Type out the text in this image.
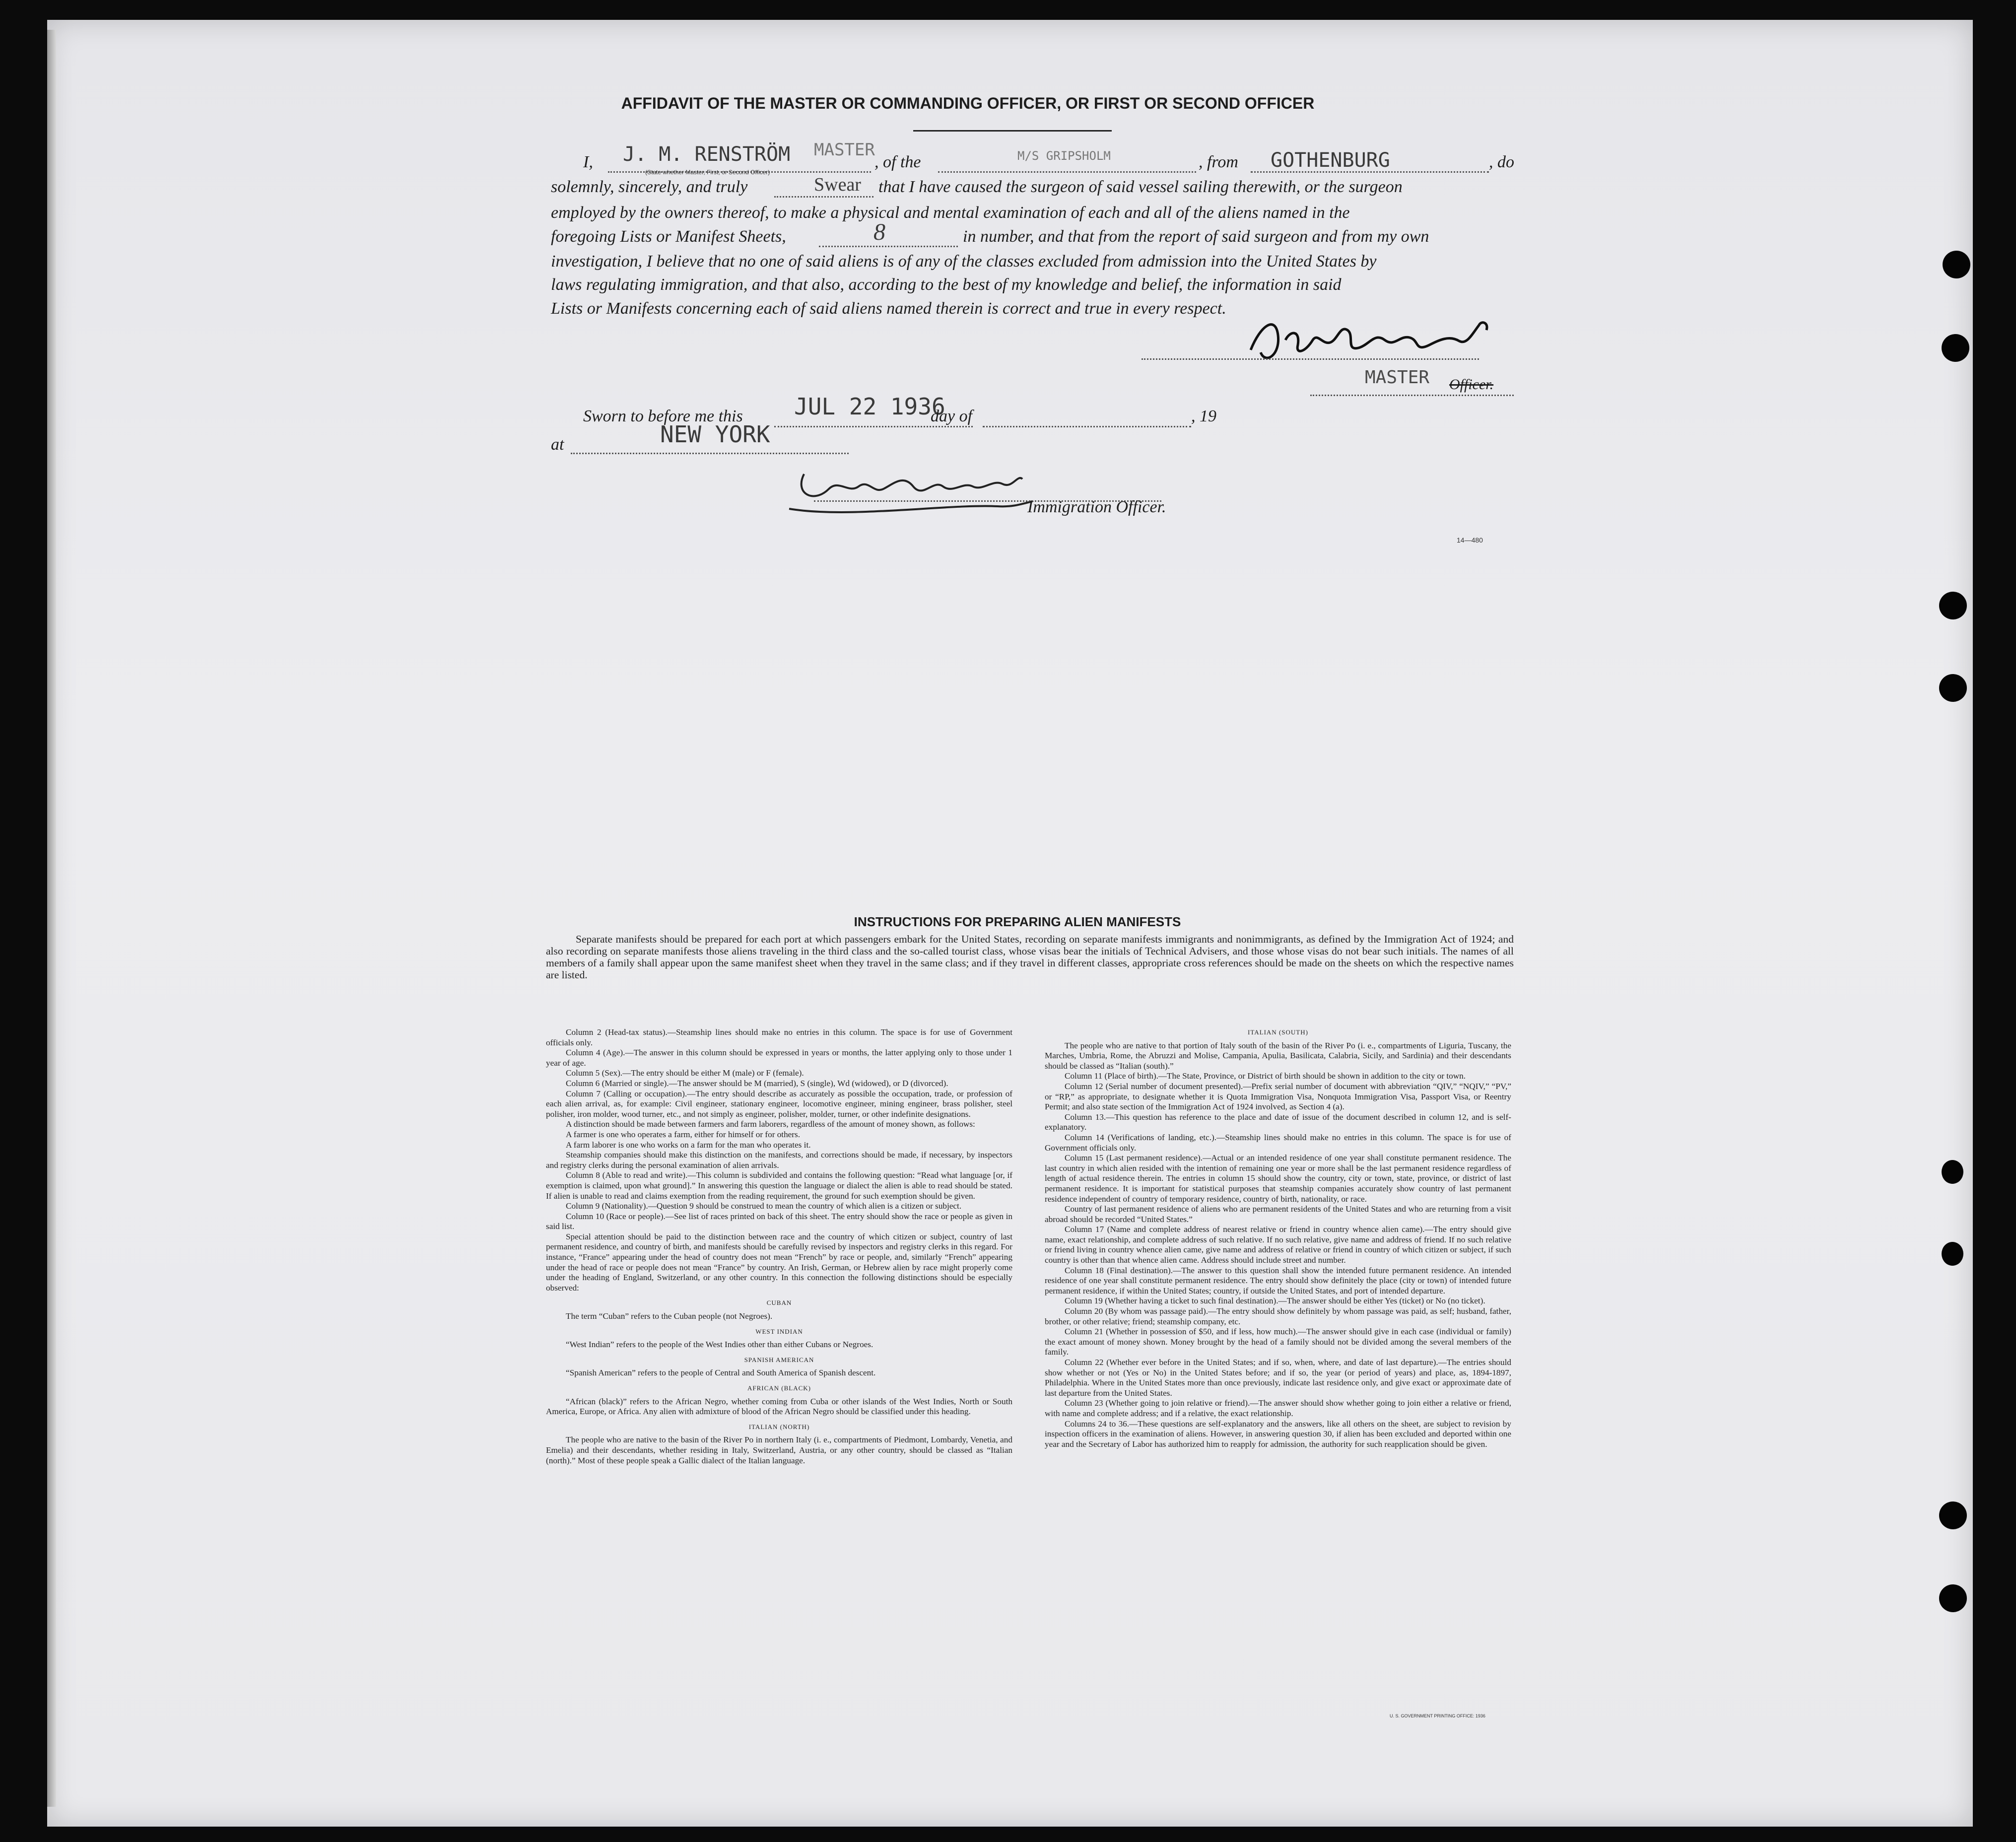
AFFIDAVIT OF THE MASTER OR COMMANDING OFFICER, OR FIRST OR SECOND OFFICER
I, J. M. RENSTRÖM MASTER
(State whether Master, First, or Second Officer)
, of the	M/S GRIPSHOLM	, from GOTHENBURG	, do
solemnly, sincerely, and truly	Swear that I have caused the surgeon of said vessel sailing therewith, or the surgeon
employed by the owners thereof, to make a physical and mental examination of each and all of the aliens named in the
foregoing Lists or Manifest Sheets,	8	in number, and that from the report of said surgeon and from my own
investigation, I believe that no one of said aliens is of any of the classes excluded from admission into the United States by
laws regulating immigration, and that also, according to the best of my knowledge and belief, the information in said
Lists or Manifests concerning each of said aliens named therein is correct and true in every respect.
MASTER Officer.
Sworn to before me this JUL 22 1936
day of	, 19
at	NEW YORK
Immigration Officer.
14—480
INSTRUCTIONS FOR PREPARING ALIEN MANIFESTS

Separate manifests should be prepared for each port at which passengers embark for the United States, recording on separate manifests immigrants and nonimmigrants, as defined by the Immigration Act of 1924; and also recording on separate manifests those aliens traveling in the third class and the so-called tourist class, whose visas bear the initials of Technical Advisers, and those whose visas do not bear such initials. The names of all members of a family shall appear upon the same manifest sheet when they travel in the same class; and if they travel in different classes, appropriate cross references should be made on the sheets on which the respective names are listed.

Column 2 (Head-tax status).—Steamship lines should make no entries in this column. The space is for use of Government officials only.

Column 4 (Age).—The answer in this column should be expressed in years or months, the latter applying only to those under 1 year of age.

Column 5 (Sex).—The entry should be either M (male) or F (female).

Column 6 (Married or single).—The answer should be M (married), S (single), Wd (widowed), or D (divorced).

Column 7 (Calling or occupation).—The entry should describe as accurately as possible the occupation, trade, or profession of each alien arrival, as, for example: Civil engineer, stationary engineer, locomotive engineer, mining engineer, brass polisher, steel polisher, iron molder, wood turner, etc., and not simply as engineer, polisher, molder, turner, or other indefinite designations.

A distinction should be made between farmers and farm laborers, regardless of the amount of money shown, as follows:

A farmer is one who operates a farm, either for himself or for others.

A farm laborer is one who works on a farm for the man who operates it.

Steamship companies should make this distinction on the manifests, and corrections should be made, if necessary, by inspectors and registry clerks during the personal examination of alien arrivals.

Column 8 (Able to read and write).—This column is subdivided and contains the following question: “Read what language [or, if exemption is claimed, upon what ground].” In answering this question the language or dialect the alien is able to read should be stated. If alien is unable to read and claims exemption from the reading requirement, the ground for such exemption should be given.

Column 9 (Nationality).—Question 9 should be construed to mean the country of which alien is a citizen or subject.

Column 10 (Race or people).—See list of races printed on back of this sheet. The entry should show the race or people as given in said list.

Special attention should be paid to the distinction between race and the country of which citizen or subject, country of last permanent residence, and country of birth, and manifests should be carefully revised by inspectors and registry clerks in this regard. For instance, “France” appearing under the head of country does not mean “French” by race or people, and, similarly “French” appearing under the head of race or people does not mean “France” by country. An Irish, German, or Hebrew alien by race might properly come under the heading of England, Switzerland, or any other country. In this connection the following distinctions should be especially observed:

CUBAN

The term “Cuban” refers to the Cuban people (not Negroes).

WEST INDIAN

“West Indian” refers to the people of the West Indies other than either Cubans or Negroes.

SPANISH AMERICAN

“Spanish American” refers to the people of Central and South America of Spanish descent.

AFRICAN (BLACK)

“African (black)” refers to the African Negro, whether coming from Cuba or other islands of the West Indies, North or South America, Europe, or Africa. Any alien with admixture of blood of the African Negro should be classified under this heading.

ITALIAN (NORTH)

The people who are native to the basin of the River Po in northern Italy (i. e., compartments of Piedmont, Lombardy, Venetia, and Emelia) and their descendants, whether residing in Italy, Switzerland, Austria, or any other country, should be classed as “Italian (north).” Most of these people speak a Gallic dialect of the Italian language.

ITALIAN (SOUTH)

The people who are native to that portion of Italy south of the basin of the River Po (i. e., compartments of Liguria, Tuscany, the Marches, Umbria, Rome, the Abruzzi and Molise, Campania, Apulia, Basilicata, Calabria, Sicily, and Sardinia) and their descendants should be classed as “Italian (south).”

Column 11 (Place of birth).—The State, Province, or District of birth should be shown in addition to the city or town.

Column 12 (Serial number of document presented).—Prefix serial number of document with abbreviation “QIV,” “NQIV,” “PV,” or “RP,” as appropriate, to designate whether it is Quota Immigration Visa, Nonquota Immigration Visa, Passport Visa, or Reentry Permit; and also state section of the Immigration Act of 1924 involved, as Section 4 (a).

Column 13.—This question has reference to the place and date of issue of the document described in column 12, and is self-explanatory.

Column 14 (Verifications of landing, etc.).—Steamship lines should make no entries in this column. The space is for use of Government officials only.

Column 15 (Last permanent residence).—Actual or an intended residence of one year shall constitute permanent residence. The last country in which alien resided with the intention of remaining one year or more shall be the last permanent residence regardless of length of actual residence therein. The entries in column 15 should show the country, city or town, state, province, or district of last permanent residence. It is important for statistical purposes that steamship companies accurately show country of last permanent residence independent of country of temporary residence, country of birth, nationality, or race.

Country of last permanent residence of aliens who are permanent residents of the United States and who are returning from a visit abroad should be recorded “United States.”

Column 17 (Name and complete address of nearest relative or friend in country whence alien came).—The entry should give name, exact relationship, and complete address of such relative. If no such relative, give name and address of friend. If no such relative or friend living in country whence alien came, give name and address of relative or friend in country of which citizen or subject, if such country is other than that whence alien came. Address should include street and number.

Column 18 (Final destination).—The answer to this question shall show the intended future permanent residence. An intended residence of one year shall constitute permanent residence. The entry should show definitely the place (city or town) of intended future permanent residence, if within the United States; country, if outside the United States, and port of intended departure.

Column 19 (Whether having a ticket to such final destination).—The answer should be either Yes (ticket) or No (no ticket).

Column 20 (By whom was passage paid).—The entry should show definitely by whom passage was paid, as self; husband, father, brother, or other relative; friend; steamship company, etc.

Column 21 (Whether in possession of $50, and if less, how much).—The answer should give in each case (individual or family) the exact amount of money shown. Money brought by the head of a family should not be divided among the several members of the family.

Column 22 (Whether ever before in the United States; and if so, when, where, and date of last departure).—The entries should show whether or not (Yes or No) in the United States before; and if so, the year (or period of years) and place, as, 1894-1897, Philadelphia. Where in the United States more than once previously, indicate last residence only, and give exact or approximate date of last departure from the United States.

Column 23 (Whether going to join relative or friend).—The answer should show whether going to join either a relative or friend, with name and complete address; and if a relative, the exact relationship.

Columns 24 to 36.—These questions are self-explanatory and the answers, like all others on the sheet, are subject to revision by inspection officers in the examination of aliens. However, in answering question 30, if alien has been excluded and deported within one year and the Secretary of Labor has authorized him to reapply for admission, the authority for such reapplication should be given.

U. S. GOVERNMENT PRINTING OFFICE: 1936
